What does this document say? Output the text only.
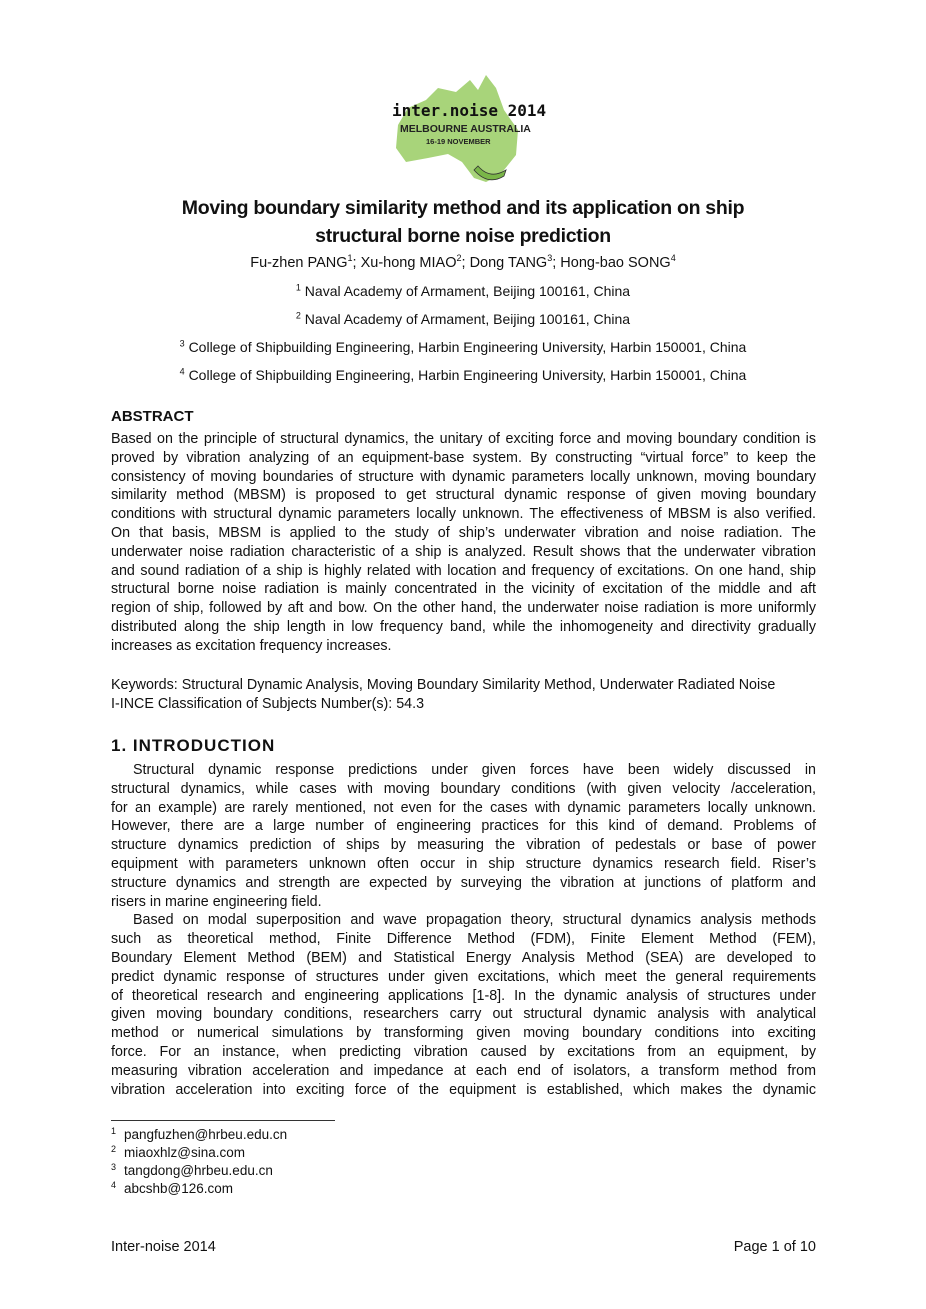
inter.noise 2014
MELBOURNE AUSTRALIA
16-19 NOVEMBER
Moving boundary similarity method and its application on ship
structural borne noise prediction
Fu-zhen PANG$^1$; Xu-hong MIAO$^2$; Dong TANG$^3$; Hong-bao SONG$^4$
$^1$ Naval Academy of Armament, Beijing 100161, China
$^2$ Naval Academy of Armament, Beijing 100161, China
$^3$ College of Shipbuilding Engineering, Harbin Engineering University, Harbin 150001, China
$^4$ College of Shipbuilding Engineering, Harbin Engineering University, Harbin 150001, China
ABSTRACT
Based on the principle of structural dynamics, the unitary of exciting force and moving boundary condition is
proved by vibration analyzing of an equipment-base system. By constructing “virtual force” to keep the
consistency of moving boundaries of structure with dynamic parameters locally unknown, moving boundary
similarity method (MBSM) is proposed to get structural dynamic response of given moving boundary
conditions with structural dynamic parameters locally unknown. The effectiveness of MBSM is also verified.
On that basis, MBSM is applied to the study of ship’s underwater vibration and noise radiation. The
underwater noise radiation characteristic of a ship is analyzed. Result shows that the underwater vibration
and sound radiation of a ship is highly related with location and frequency of excitations. On one hand, ship
structural borne noise radiation is mainly concentrated in the vicinity of excitation of the middle and aft
region of ship, followed by aft and bow. On the other hand, the underwater noise radiation is more uniformly
distributed along the ship length in low frequency band, while the inhomogeneity and directivity gradually
increases as excitation frequency increases.
Keywords: Structural Dynamic Analysis, Moving Boundary Similarity Method, Underwater Radiated Noise
I-INCE Classification of Subjects Number(s): 54.3
1. INTRODUCTION
Structural dynamic response predictions under given forces have been widely discussed in
structural dynamics, while cases with moving boundary conditions (with given velocity /acceleration,
for an example) are rarely mentioned, not even for the cases with dynamic parameters locally unknown.
However, there are a large number of engineering practices for this kind of demand. Problems of
structure dynamics prediction of ships by measuring the vibration of pedestals or base of power
equipment with parameters unknown often occur in ship structure dynamics research field. Riser’s
structure dynamics and strength are expected by surveying the vibration at junctions of platform and
risers in marine engineering field.
Based on modal superposition and wave propagation theory, structural dynamics analysis methods
such as theoretical method, Finite Difference Method (FDM), Finite Element Method (FEM),
Boundary Element Method (BEM) and Statistical Energy Analysis Method (SEA) are developed to
predict dynamic response of structures under given excitations, which meet the general requirements
of theoretical research and engineering applications [1-8]. In the dynamic analysis of structures under
given moving boundary conditions, researchers carry out structural dynamic analysis with analytical
method or numerical simulations by transforming given moving boundary conditions into exciting
force. For an instance, when predicting vibration caused by excitations from an equipment, by
measuring vibration acceleration and impedance at each end of isolators, a transform method from
vibration acceleration into exciting force of the equipment is established, which makes the dynamic
$^1$ pangfuzhen@hrbeu.edu.cn
$^2$ miaoxhlz@sina.com
$^3$ tangdong@hrbeu.edu.cn
$^4$ abcshb@126.com
Inter-noise 2014	Page 1 of 10
